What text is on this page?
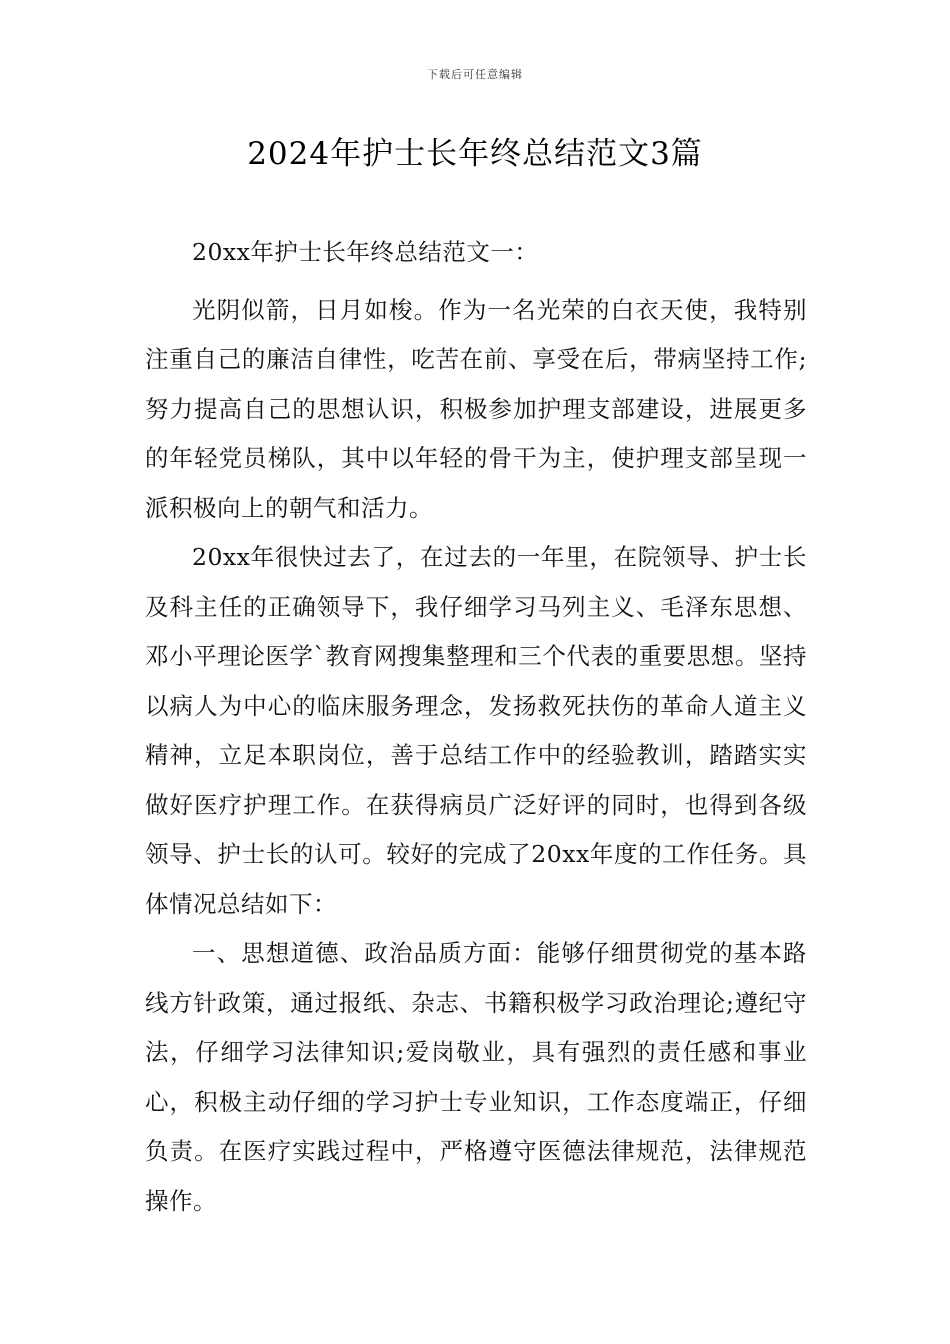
下载后可任意编辑
2024年护士长年终总结范文3篇

20xx年护士长年终总结范文一：

光阴似箭，日月如梭。作为一名光荣的白衣天使，我特别注重自己的廉洁自律性，吃苦在前、享受在后，带病坚持工作;努力提高自己的思想认识，积极参加护理支部建设，进展更多的年轻党员梯队，其中以年轻的骨干为主，使护理支部呈现一派积极向上的朝气和活力。

20xx年很快过去了，在过去的一年里，在院领导、护士长及科主任的正确领导下，我仔细学习马列主义、毛泽东思想、邓小平理论医学`教育网搜集整理和三个代表的重要思想。坚持以病人为中心的临床服务理念，发扬救死扶伤的革命人道主义精神，立足本职岗位，善于总结工作中的经验教训，踏踏实实做好医疗护理工作。在获得病员广泛好评的同时，也得到各级领导、护士长的认可。较好的完成了20xx年度的工作任务。具体情况总结如下：

一、思想道德、政治品质方面：能够仔细贯彻党的基本路线方针政策，通过报纸、杂志、书籍积极学习政治理论;遵纪守法，仔细学习法律知识;爱岗敬业，具有强烈的责任感和事业心，积极主动仔细的学习护士专业知识，工作态度端正，仔细负责。在医疗实践过程中，严格遵守医德法律规范，法律规范操作。
